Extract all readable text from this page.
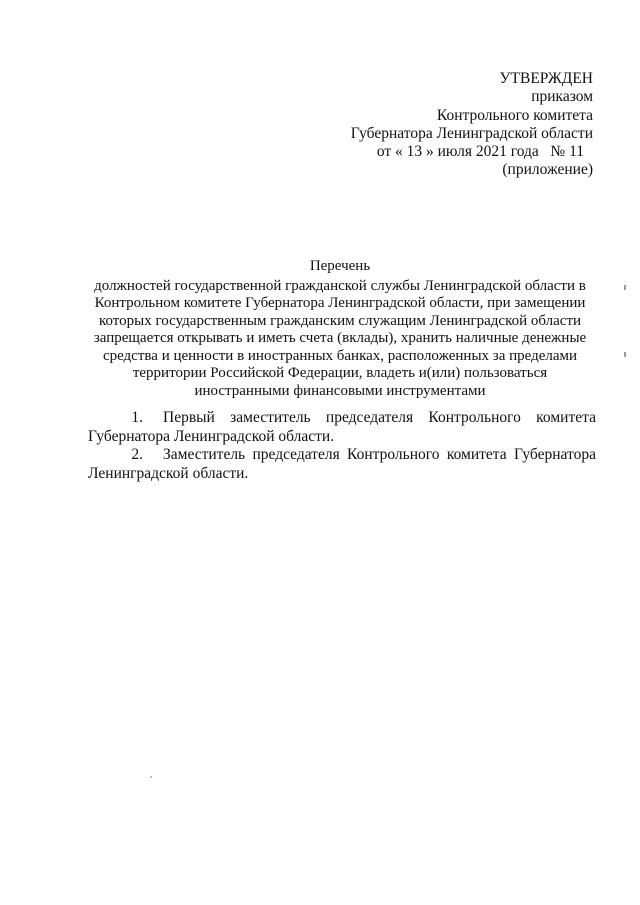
УТВЕРЖДЕН
приказом
Контрольного комитета
Губернатора Ленинградской области
от « 13 » июля 2021 года   № 11
(приложение)
Перечень
должностей государственной гражданской службы Ленинградской области в
Контрольном комитете Губернатора Ленинградской области, при замещении
которых государственным гражданским служащим Ленинградской области
запрещается открывать и иметь счета (вклады), хранить наличные денежные
средства и ценности в иностранных банках, расположенных за пределами
территории Российской Федерации, владеть и(или) пользоваться
иностранными финансовыми инструментами
1.	Первый заместитель председателя Контрольного комитета
Губернатора Ленинградской области.
2.	Заместитель председателя Контрольного комитета Губернатора
Ленинградской области.
